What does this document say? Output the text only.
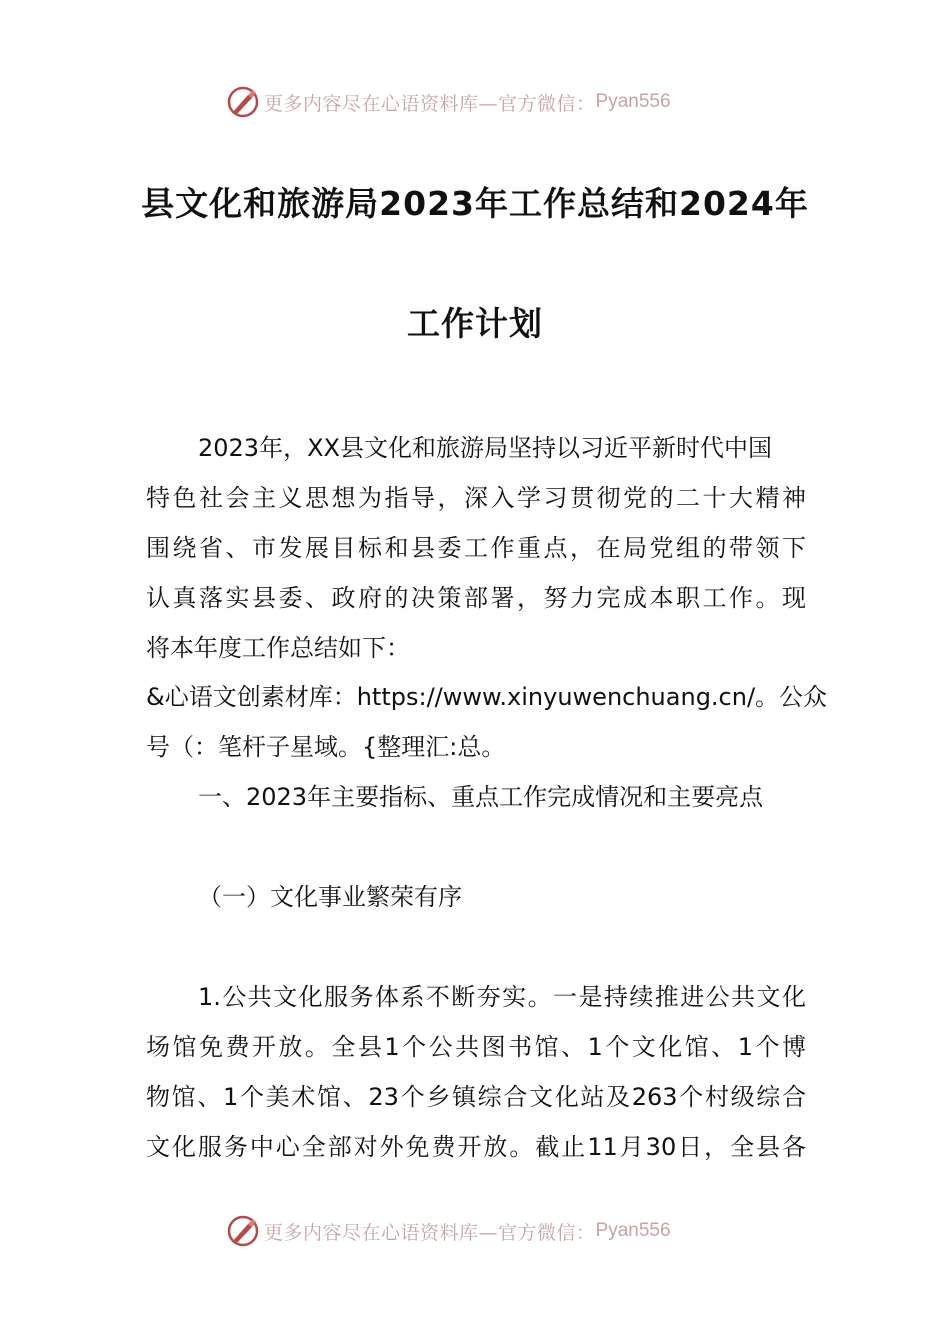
更多内容尽在心语资料库—官方微信： Pyan556
县文化和旅游局2023年工作总结和2024年
工作计划
2023年，XX县文化和旅游局坚持以习近平新时代中国
特色社会主义思想为指导，深入学习贯彻党的二十大精神
围绕省、市发展目标和县委工作重点，在局党组的带领下
认真落实县委、政府的决策部署，努力完成本职工作。现
将本年度工作总结如下：
&心语文创素材库：https://www.xinyuwenchuang.cn/。公众
号（：笔杆子星域。{整理汇:总。
一、2023年主要指标、重点工作完成情况和主要亮点
（一）文化事业繁荣有序
1.公共文化服务体系不断夯实。一是持续推进公共文化
场馆免费开放。全县1个公共图书馆、1个文化馆、1个博
物馆、1个美术馆、23个乡镇综合文化站及263个村级综合
文化服务中心全部对外免费开放。截止11月30日，全县各
更多内容尽在心语资料库—官方微信： Pyan556
